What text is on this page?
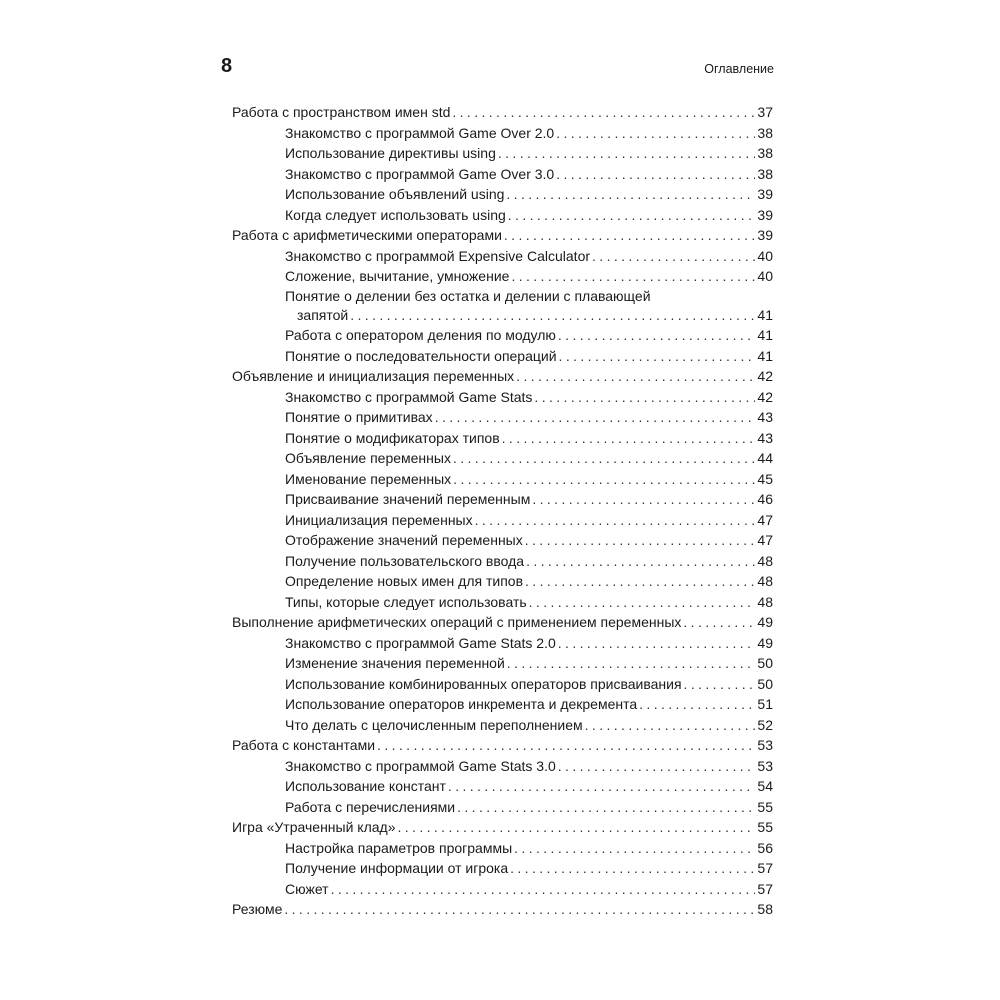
8	Оглавление
Работа с пространством имен std . . .	37
Знакомство с программой Game Over 2.0 . . .	38
Использование директивы using . . .	38
Знакомство с программой Game Over 3.0 . . .	38
Использование объявлений using . . .	39
Когда следует использовать using . . .	39
Работа с арифметическими операторами . . .	39
Знакомство с программой Expensive Calculator . . .	40
Сложение, вычитание, умножение . . .	40
Понятие о делении без остатка и делении с плавающей
запятой . . .	41
Работа с оператором деления по модулю . . .	41
Понятие о последовательности операций . . .	41
Объявление и инициализация переменных . . .	42
Знакомство с программой Game Stats . . .	42
Понятие о примитивах . . .	43
Понятие о модификаторах типов . . .	43
Объявление переменных . . .	44
Именование переменных . . .	45
Присваивание значений переменным . . .	46
Инициализация переменных . . .	47
Отображение значений переменных . . .	47
Получение пользовательского ввода . . .	48
Определение новых имен для типов . . .	48
Типы, которые следует использовать . . .	48
Выполнение арифметических операций с применением переменных . . .	49
Знакомство с программой Game Stats 2.0 . . .	49
Изменение значения переменной . . .	50
Использование комбинированных операторов присваивания . . .	50
Использование операторов инкремента и декремента . . .	51
Что делать с целочисленным переполнением . . .	52
Работа с константами . . .	53
Знакомство с программой Game Stats 3.0 . . .	53
Использование констант . . .	54
Работа с перечислениями . . .	55
Игра «Утраченный клад» . . .	55
Настройка параметров программы . . .	56
Получение информации от игрока . . .	57
Сюжет . . .	57
Резюме . . .	58
